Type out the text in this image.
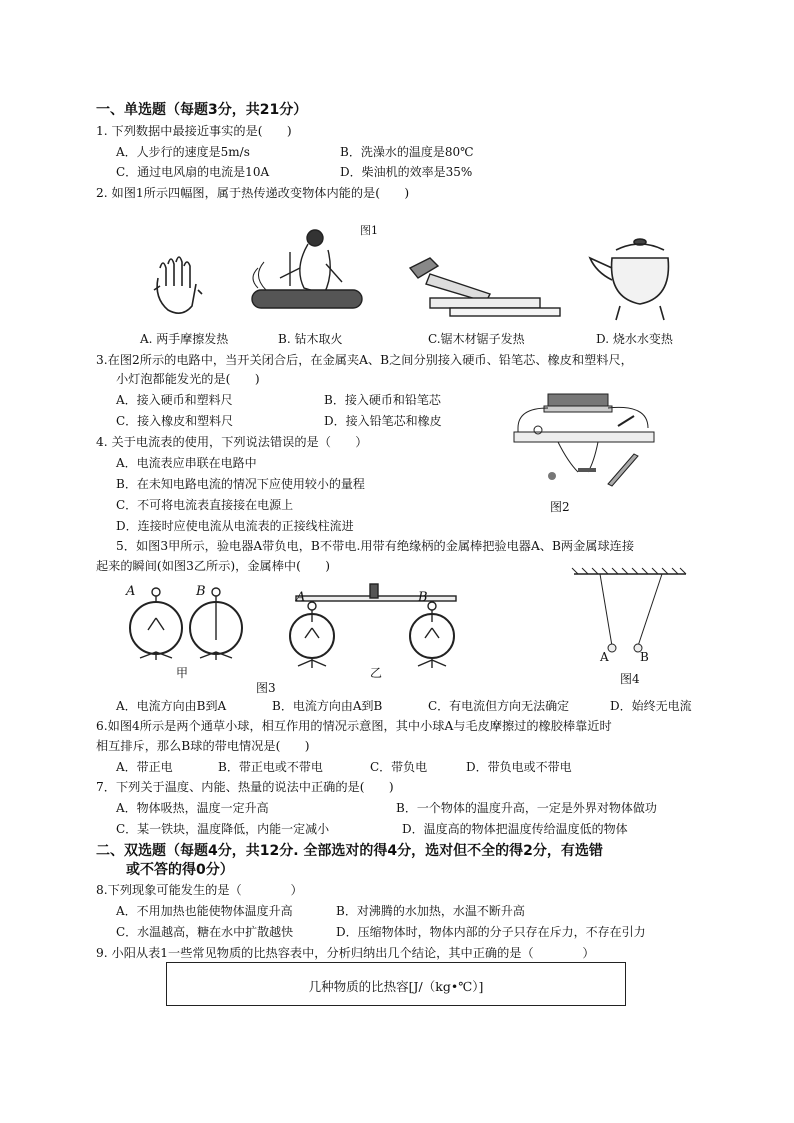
一、单选题（每题3分，共21分）
1. 下列数据中最接近事实的是(　　)
A．人步行的速度是5m/s	B．洗澡水的温度是80℃
C．通过电风扇的电流是10A	D．柴油机的效率是35%
2. 如图1所示四幅图，属于热传递改变物体内能的是(　　)
图1
A. 两手摩擦发热	B. 钻木取火	C.锯木材锯子发热	D. 烧水水变热
3.在图2所示的电路中，当开关闭合后，在金属夹A、B之间分别接入硬币、铅笔芯、橡皮和塑料尺，
小灯泡都能发光的是(　　)
A．接入硬币和塑料尺	B．接入硬币和铅笔芯
C．接入橡皮和塑料尺	D．接入铅笔芯和橡皮
图2
4. 关于电流表的使用，下列说法错误的是（　　）
A．电流表应串联在电路中
B．在未知电路电流的情况下应使用较小的量程
C．不可将电流表直接接在电源上
D．连接时应使电流从电流表的正接线柱流进
5．如图3甲所示，验电器A带负电，B不带电.用带有绝缘柄的金属棒把验电器A、B两金属球连接
起来的瞬间(如图3乙所示)，金属棒中(　　)
A	B	A	B
甲	乙
图3
A	B
图4
A．电流方向由B到A	B．电流方向由A到B	C．有电流但方向无法确定	D．始终无电流
6.如图4所示是两个通草小球，相互作用的情况示意图，其中小球A与毛皮摩擦过的橡胶棒靠近时
相互排斥，那么B球的带电情况是(　　)
A．带正电	B．带正电或不带电	C．带负电	D．带负电或不带电
7．下列关于温度、内能、热量的说法中正确的是(　　)
A．物体吸热，温度一定升高	B．一个物体的温度升高，一定是外界对物体做功
C．某一铁块，温度降低，内能一定减小	D．温度高的物体把温度传给温度低的物体
二、双选题（每题4分，共12分. 全部选对的得4分，选对但不全的得2分，有选错
或不答的得0分）
8.下列现象可能发生的是（　　　　）
A．不用加热也能使物体温度升高	B．对沸腾的水加热，水温不断升高
C．水温越高，糖在水中扩散越快	D．压缩物体时，物体内部的分子只存在斥力，不存在引力
9. 小阳从表1一些常见物质的比热容表中，分析归纳出几个结论，其中正确的是（　　　　）
几种物质的比热容[J/（kg•℃）]
